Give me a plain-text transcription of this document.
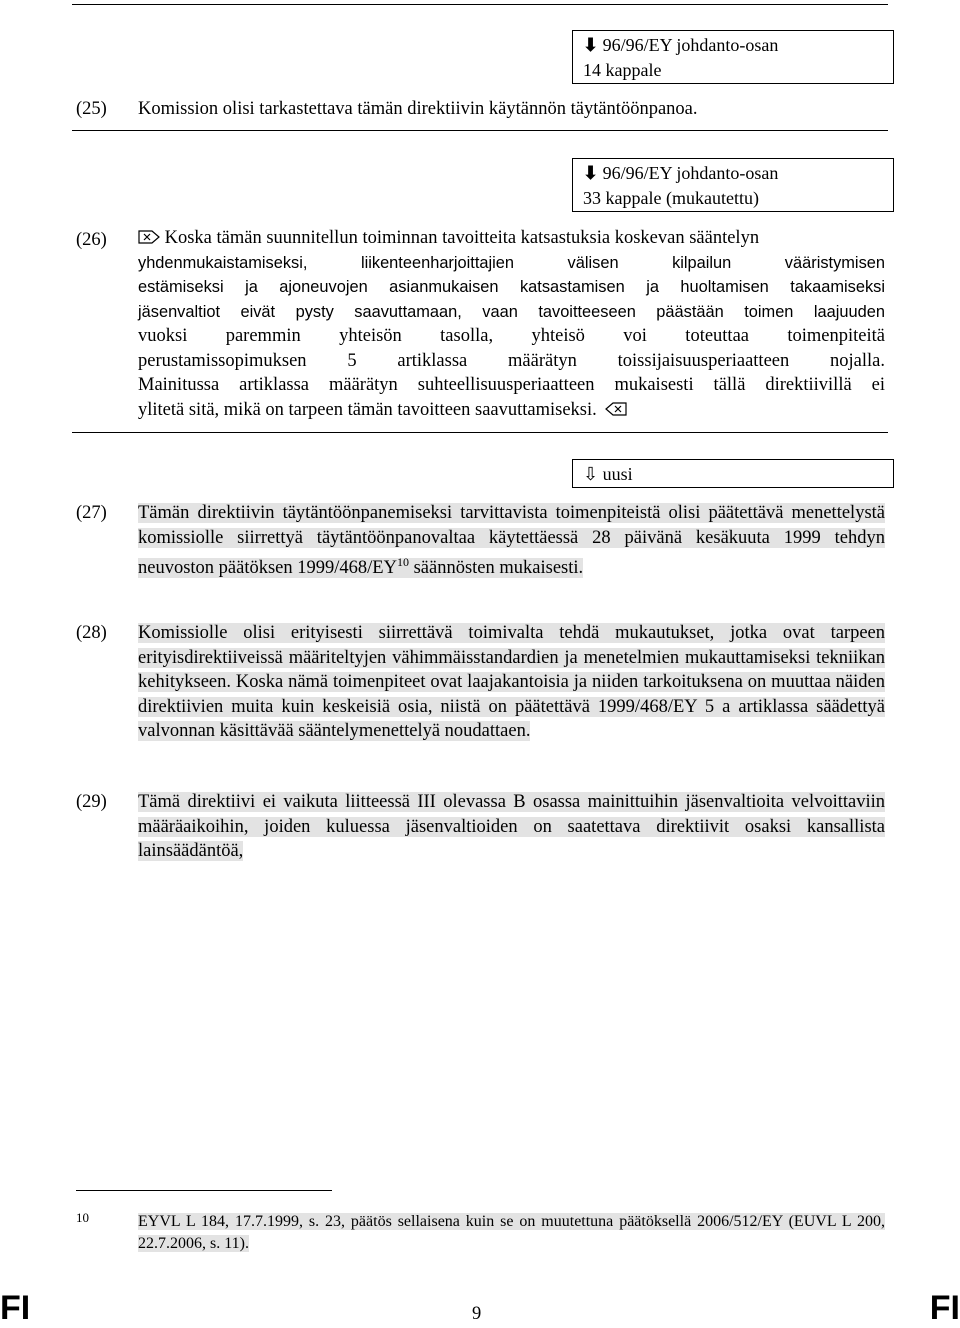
⬇ 96/96/EY johdanto-osan
14 kappale
(25) Komission olisi tarkastettava tämän direktiivin käytännön täytäntöönpanoa.
⬇ 96/96/EY johdanto-osan
33 kappale (mukautettu)
(26)	Koska tämän suunnitellun toiminnan tavoitteita katsastuksia koskevan sääntelyn
yhdenmukaistamiseksi, liikenteenharjoittajien välisen kilpailun vääristymisen
estämiseksi ja ajoneuvojen asianmukaisen katsastamisen ja huoltamisen takaamiseksi
jäsenvaltiot eivät pysty saavuttamaan, vaan tavoitteeseen päästään toimen laajuuden
vuoksi paremmin yhteisön tasolla, yhteisö voi toteuttaa toimenpiteitä
perustamissopimuksen 5 artiklassa määrätyn toissijaisuusperiaatteen nojalla.
Mainitussa artiklassa määrätyn suhteellisuusperiaatteen mukaisesti tällä direktiivillä ei
ylitetä sitä, mikä on tarpeen tämän tavoitteen saavuttamiseksi.
⇩ uusi
(27) Tämän direktiivin täytäntöönpanemiseksi tarvittavista toimenpiteistä olisi päätettävä menettelystä komissiolle siirrettyä täytäntöönpanovaltaa käytettäessä 28 päivänä kesäkuuta 1999 tehdyn neuvoston päätöksen 1999/468/EY$^{10}$ säännösten mukaisesti.
(28) Komissiolle olisi erityisesti siirrettävä toimivalta tehdä mukautukset, jotka ovat tarpeen erityisdirektiiveissä määriteltyjen vähimmäisstandardien ja menetelmien mukauttamiseksi tekniikan kehitykseen. Koska nämä toimenpiteet ovat laajakantoisia ja niiden tarkoituksena on muuttaa näiden direktiivien muita kuin keskeisiä osia, niistä on päätettävä 1999/468/EY 5 a artiklassa säädettyä valvonnan käsittävää sääntelymenettelyä noudattaen.
(29) Tämä direktiivi ei vaikuta liitteessä III olevassa B osassa mainittuihin jäsenvaltioita velvoittaviin määräaikoihin, joiden kuluessa jäsenvaltioiden on saatettava direktiivit osaksi kansallista lainsäädäntöä,
10	EYVL L 184, 17.7.1999, s. 23, päätös sellaisena kuin se on muutettuna päätöksellä 2006/512/EY (EUVL L 200, 22.7.2006, s. 11).
FI	9	FI
